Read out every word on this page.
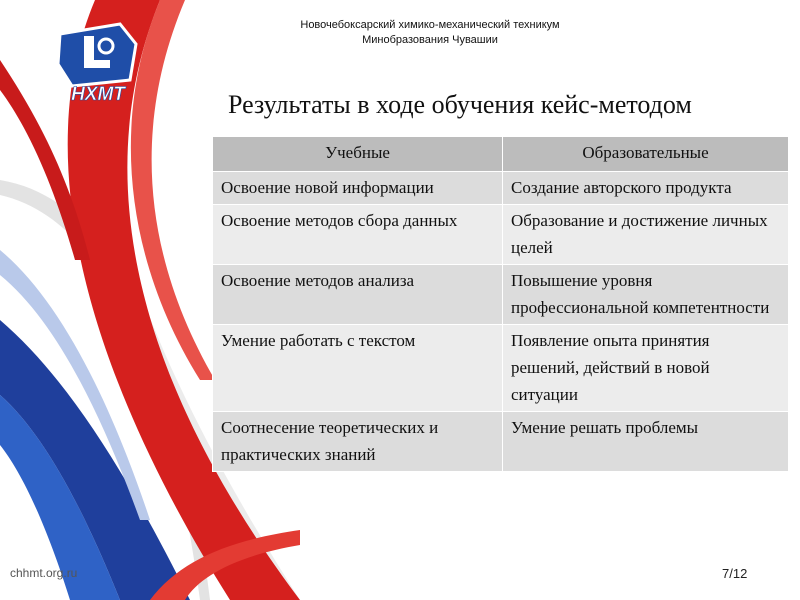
НХМТ
Новочебоксарский химико-механический техникум
Минобразования Чувашии
Результаты в ходе обучения кейс-методом
Учебные	Образовательные
Освоение новой информации	Создание авторского продукта
Освоение методов сбора данных	Образование и достижение личных целей
Освоение методов анализа	Повышение уровня профессиональной компетентности
Умение работать с текстом	Появление опыта принятия решений, действий в новой ситуации
Соотнесение теоретических и практических знаний	Умение решать проблемы
chhmt.org.ru	7/12
